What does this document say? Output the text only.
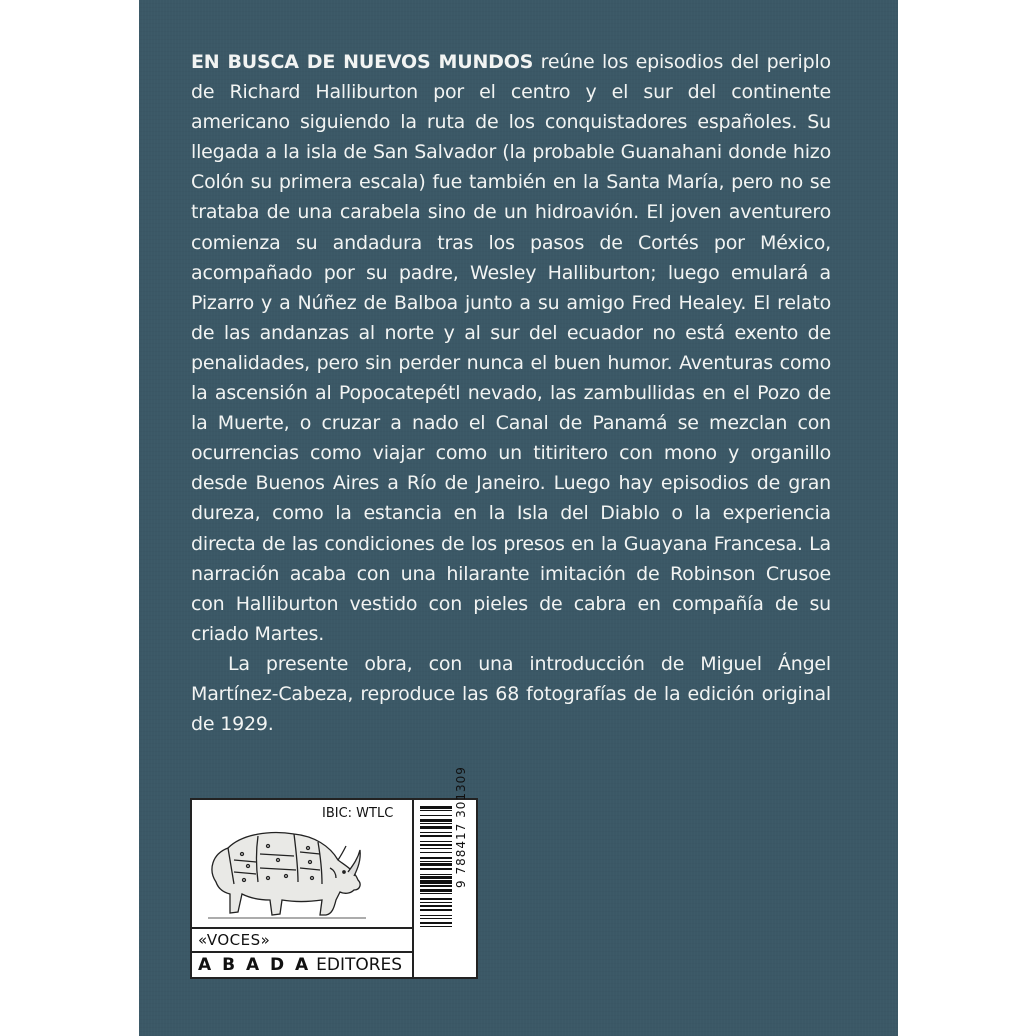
EN BUSCA DE NUEVOS MUNDOS reúne los episodios del periplo de Richard Halliburton por el centro y el sur del continente americano siguiendo la ruta de los conquistadores españoles. Su llegada a la isla de San Salvador (la probable Guanahani donde hizo Colón su primera escala) fue también en la Santa María, pero no se trataba de una carabela sino de un hidroavión. El joven aventurero comienza su andadura tras los pasos de Cortés por México, acompañado por su padre, Wesley Halliburton; luego emulará a Pizarro y a Núñez de Balboa junto a su amigo Fred Healey. El relato de las andanzas al norte y al sur del ecuador no está exento de penalidades, pero sin perder nunca el buen humor. Aventuras como la ascensión al Popocatepétl nevado, las zambullidas en el Pozo de la Muerte, o cruzar a nado el Canal de Panamá se mezclan con ocurrencias como viajar como un titiritero con mono y organillo desde Buenos Aires a Río de Janeiro. Luego hay episodios de gran dureza, como la estancia en la Isla del Diablo o la experiencia directa de las condiciones de los presos en la Guayana Francesa. La narración acaba con una hilarante imitación de Robinson Crusoe con Halliburton vestido con pieles de cabra en compañía de su criado Martes.

La presente obra, con una introducción de Miguel Ángel Martínez-Cabeza, reproduce las 68 fotografías de la edición original de 1929.

IBIC: WTLC
«VOCES»
A B A D A EDITORES
9 788417 301309
